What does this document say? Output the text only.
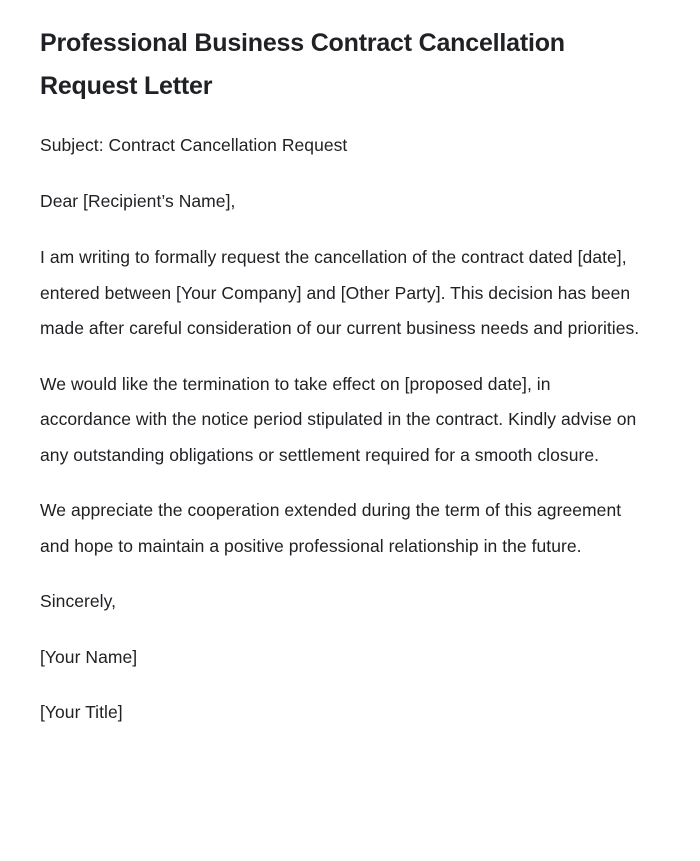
Professional Business Contract Cancellation Request Letter

Subject: Contract Cancellation Request

Dear [Recipient’s Name],

I am writing to formally request the cancellation of the contract dated [date], entered between [Your Company] and [Other Party]. This decision has been made after careful consideration of our current business needs and priorities.

We would like the termination to take effect on [proposed date], in accordance with the notice period stipulated in the contract. Kindly advise on any outstanding obligations or settlement required for a smooth closure.

We appreciate the cooperation extended during the term of this agreement and hope to maintain a positive professional relationship in the future.

Sincerely,

[Your Name]

[Your Title]
